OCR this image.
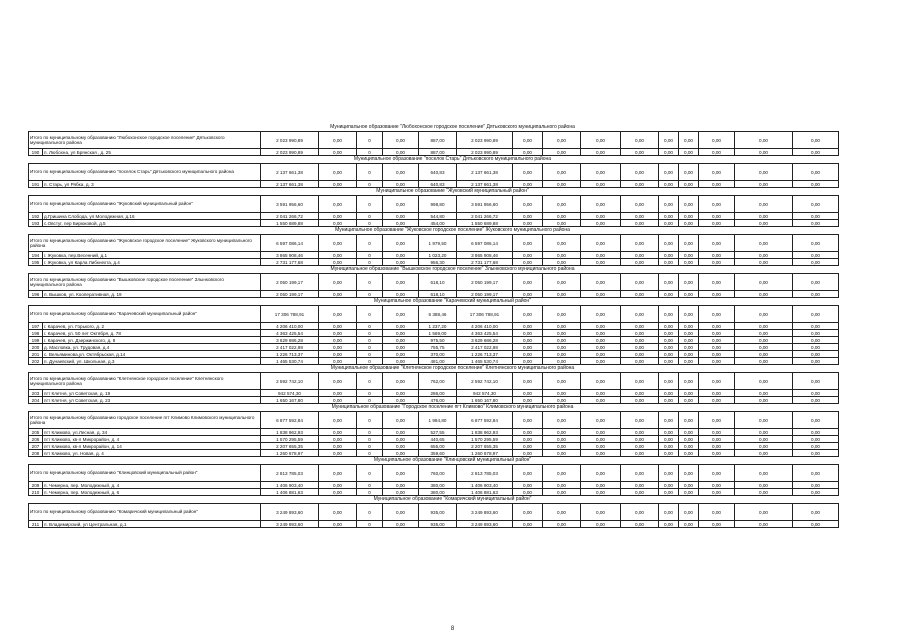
Муниципальное образование "Любохонское городское поселение" Дятьковского муниципального района																
Итого по муниципальному образованию "Любохонское городское поселение" Дятьковского муниципального района		2 023 990,89	0,00	0	0,00	887,00	2 023 990,89	0,00	0,00	0,00	0,00	0,00	0,00	0,00	0,00	0,00
190	п. Любохна, ул Брянская , д. 25	2 023 990,89	0,00	0	0,00	887,00	2 023 990,89	0,00	0,00	0,00	0,00	0,00	0,00	0,00	0,00	0,00
Муниципальное образование "поселок Старь" Дятьковского муниципального района																
Итого по муниципальному образованию "поселок Старь" Дятьковского муниципального района		2 137 661,38	0,00	0	0,00	640,83	2 137 661,38	0,00	0,00	0,00	0,00	0,00	0,00	0,00	0,00	0,00
191	п. Старь, ул Рябка, д. 3	2 137 661,38	0,00	0	0,00	640,83	2 137 661,38	0,00	0,00	0,00	0,00	0,00	0,00	0,00	0,00	0,00
Муниципальное образование "Жуковский муниципальный район"																
Итого по муниципальному образованию "Жуковский муниципальный район"		3 591 956,60	0,00	0	0,00	998,80	3 591 956,60	0,00	0,00	0,00	0,00	0,00	0,00	0,00	0,00	0,00
192	д.Гришина Слобода, ул Молодежная, д.16	2 041 266,72	0,00	0	0,00	544,80	2 041 266,72	0,00	0,00	0,00	0,00	0,00	0,00	0,00	0,00	0,00
193	с.Овстуг, пер Бирюковой, д.5	1 550 689,88	0,00	0	0,00	454,00	1 550 689,88	0,00	0,00	0,00	0,00	0,00	0,00	0,00	0,00	0,00
Муниципальное образование "Жуковское городское поселение" Жуковского муниципального района																
Итого по муниципальному образованию "Жуковское городское поселение" Жуковского муниципального района		6 597 086,14	0,00	0	0,00	1 979,50	6 597 086,14	0,00	0,00	0,00	0,00	0,00	0,00	0,00	0,00	0,00
194	г. Жуковка, пер.Весенний, д.1	3 865 908,46	0,00	0	0,00	1 023,20	3 865 908,46	0,00	0,00	0,00	0,00	0,00	0,00	0,00	0,00	0,00
195	г. Жуковка, ул Карла Либкнехта, д.4	2 731 177,68	0,00	0	0,00	956,30	2 731 177,68	0,00	0,00	0,00	0,00	0,00	0,00	0,00	0,00	0,00
Муниципальное образование "Вышковское городское поселение" Злынковского муниципального района																
Итого по муниципальному образованию "Вышковское городское поселение" Злынковского муниципального района		2 050 199,17	0,00	0	0,00	618,10	2 050 199,17	0,00	0,00	0,00	0,00	0,00	0,00	0,00	0,00	0,00
196	п. Вышков, ул. Кооперативная, д. 19	2 050 199,17	0,00	0	0,00	618,10	2 050 199,17	0,00	0,00	0,00	0,00	0,00	0,00	0,00	0,00	0,00
Муниципальное образование "Карачевский муниципальный район"																
Итого по муниципальному образованию "Карачевский муниципальный район"		17 306 788,91	0,00	0	0,00	5 388,46	17 306 788,91	0,00	0,00	0,00	0,00	0,00	0,00	0,00	0,00	0,00
197	г. Карачев, ул. Горького, д. 2	4 206 410,00	0,00	0	0,00	1 237,20	4 206 410,00	0,00	0,00	0,00	0,00	0,00	0,00	0,00	0,00	0,00
198	г. Карачев, ул. 50 лет Октября, д. 78	4 363 425,54	0,00	0	0,00	1 569,00	4 363 425,54	0,00	0,00	0,00	0,00	0,00	0,00	0,00	0,00	0,00
199	г. Карачев, ул. Дзержинского, д. 8	3 629 686,28	0,00	0	0,00	975,50	3 629 686,28	0,00	0,00	0,00	0,00	0,00	0,00	0,00	0,00	0,00
200	д. Масловка, ул. Трудовая, д.4	2 417 022,98	0,00	0	0,00	755,75	2 417 022,98	0,00	0,00	0,00	0,00	0,00	0,00	0,00	0,00	0,00
201	с. Вельяминова,ул. Октябрьская, д.14	1 226 713,37	0,00	0	0,00	370,00	1 226 713,37	0,00	0,00	0,00	0,00	0,00	0,00	0,00	0,00	0,00
202	п. Дунаевский, ул. Школьная, д.3	1 465 530,74	0,00	0	0,00	481,00	1 465 530,74	0,00	0,00	0,00	0,00	0,00	0,00	0,00	0,00	0,00
Муниципальное образование "Клетнянское городское поселение" Клетнянского муниципального района																
Итого по муниципальному образованию "Клетнянское городское поселение" Клетнянского муниципального района		2 592 742,10	0,00	0	0,00	762,00	2 592 742,10	0,00	0,00	0,00	0,00	0,00	0,00	0,00	0,00	0,00
203	пгт Клетня, ул Советская, д. 19	942 574,30	0,00	0	0,00	286,00	942 574,30	0,00	0,00	0,00	0,00	0,00	0,00	0,00	0,00	0,00
204	пгт Клетня, ул Советская, д. 23	1 650 167,80	0,00	0	0,00	476,00	1 650 167,80	0,00	0,00	0,00	0,00	0,00	0,00	0,00	0,00	0,00
Муниципальное образование "Городское поселение пгт Климово" Климовского муниципального района																
Итого по муниципальному образованию городское поселение пгт Климово Климовского муниципального района		6 877 592,84	0,00	0	0,00	1 984,80	6 877 592,84	0,00	0,00	0,00	0,00	0,00	0,00	0,00	0,00	0,00
205	пгт Климово, ул.Лесная, д. 34	1 838 962,93	0,00	0	0,00	527,55	1 838 962,93	0,00	0,00	0,00	0,00	0,00	0,00	0,00	0,00	0,00
206	пгт Климово, кв-л Микрорайон, д. 4	1 570 295,59	0,00	0	0,00	440,65	1 570 295,59	0,00	0,00	0,00	0,00	0,00	0,00	0,00	0,00	0,00
207	пгт Климово, кв-л Микрорайон, д. 14	2 207 655,35	0,00	0	0,00	655,00	2 207 655,35	0,00	0,00	0,00	0,00	0,00	0,00	0,00	0,00	0,00
208	пгт Климово, ул. Новая, д. 4	1 260 678,97	0,00	0	0,00	359,60	1 260 678,97	0,00	0,00	0,00	0,00	0,00	0,00	0,00	0,00	0,00
Муниципальное образование "Клинцовский муниципальный район"																
Итого по муниципальному образованию "Клинцовский муниципальный район"		2 813 785,03	0,00	0	0,00	760,00	2 813 785,03	0,00	0,00	0,00	0,00	0,00	0,00	0,00	0,00	0,00
209	п. Чемерна, пер. Молодежный, д. 4	1 406 903,40	0,00	0	0,00	380,00	1 406 903,40	0,00	0,00	0,00	0,00	0,00	0,00	0,00	0,00	0,00
210	п. Чемерна, пер. Молодежный, д. 6	1 406 881,63	0,00	0	0,00	380,00	1 406 881,63	0,00	0,00	0,00	0,00	0,00	0,00	0,00	0,00	0,00
Муниципальное образование "Комаричский муниципальный район"																
Итого по муниципальному образованию "Комаричский муниципальный район"		3 249 893,60	0,00	0	0,00	935,00	3 249 893,60	0,00	0,00	0,00	0,00	0,00	0,00	0,00	0,00	0,00
211	п. Владимирский, ул Центральная, д.1	3 249 893,60	0,00	0	0,00	935,00	3 249 893,60	0,00	0,00	0,00	0,00	0,00	0,00	0,00	0,00	0,00
8
